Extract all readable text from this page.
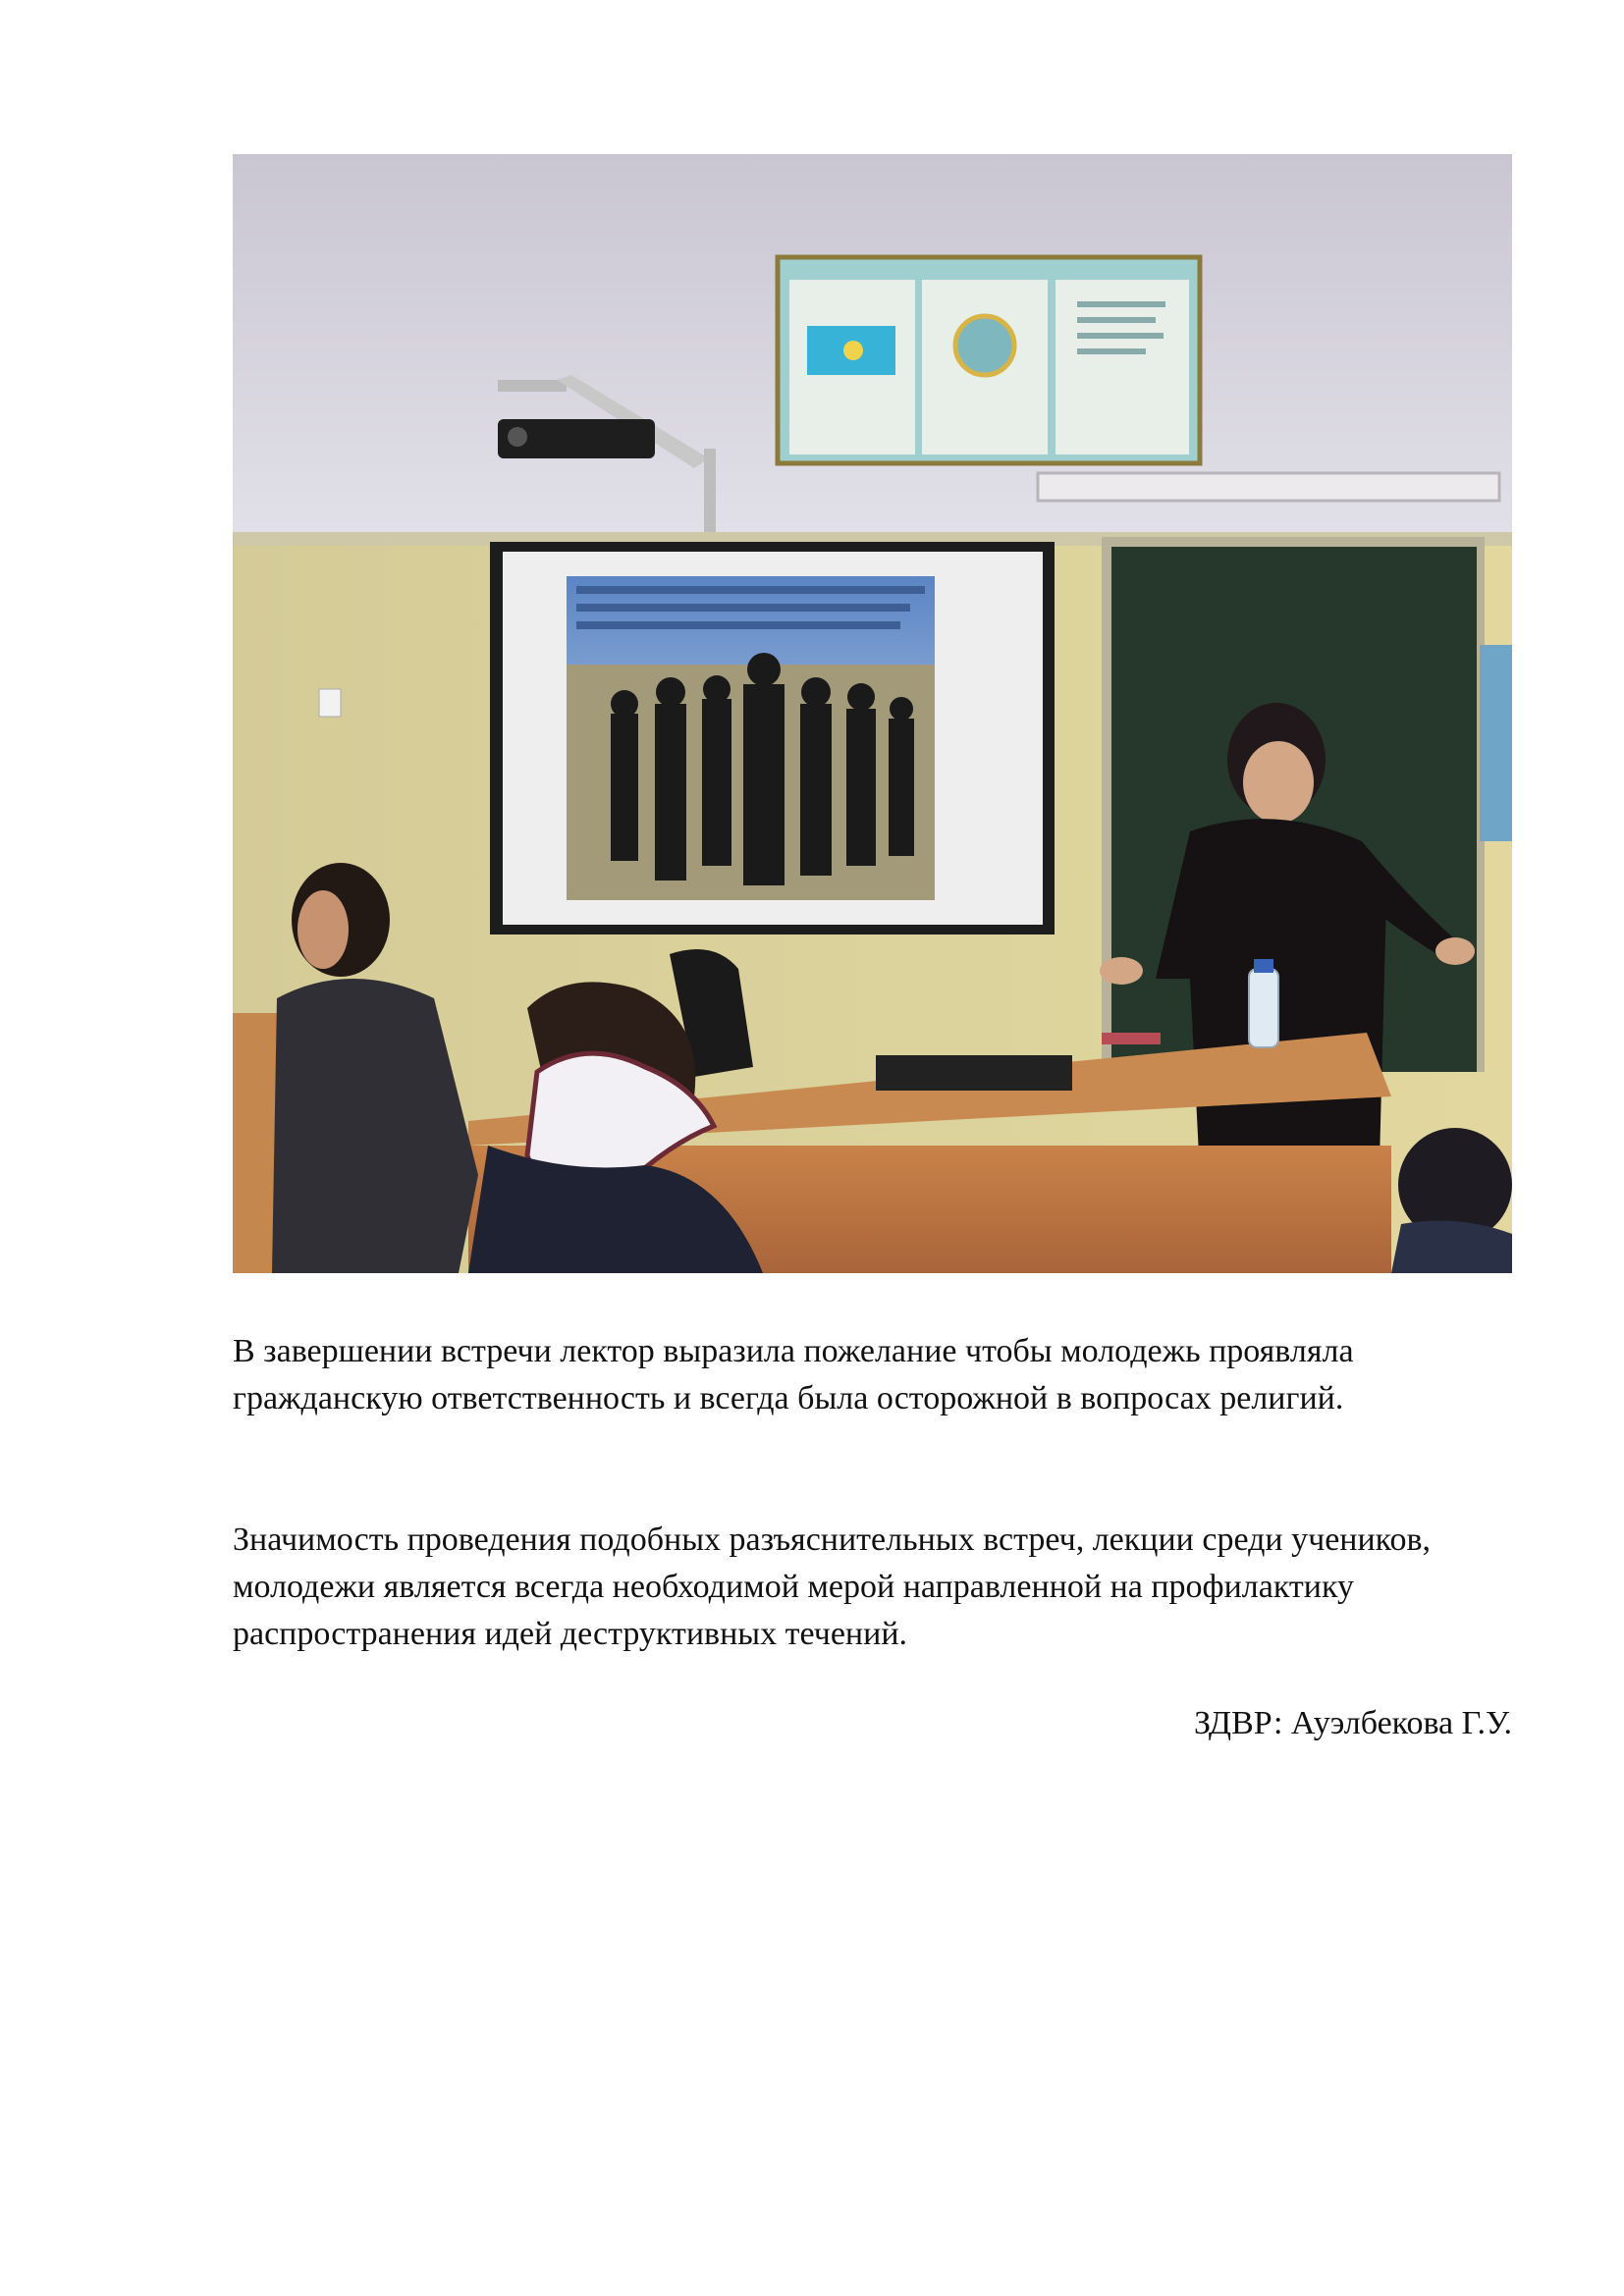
В завершении встречи лектор выразила пожелание чтобы молодежь проявляла гражданскую ответственность и всегда была осторожной в вопросах религий.

Значимость проведения подобных разъяснительных встреч, лекции среди учеников, молодежи является всегда необходимой мерой направленной на профилактику распространения идей деструктивных течений.

ЗДВР: Ауэлбекова Г.У.
